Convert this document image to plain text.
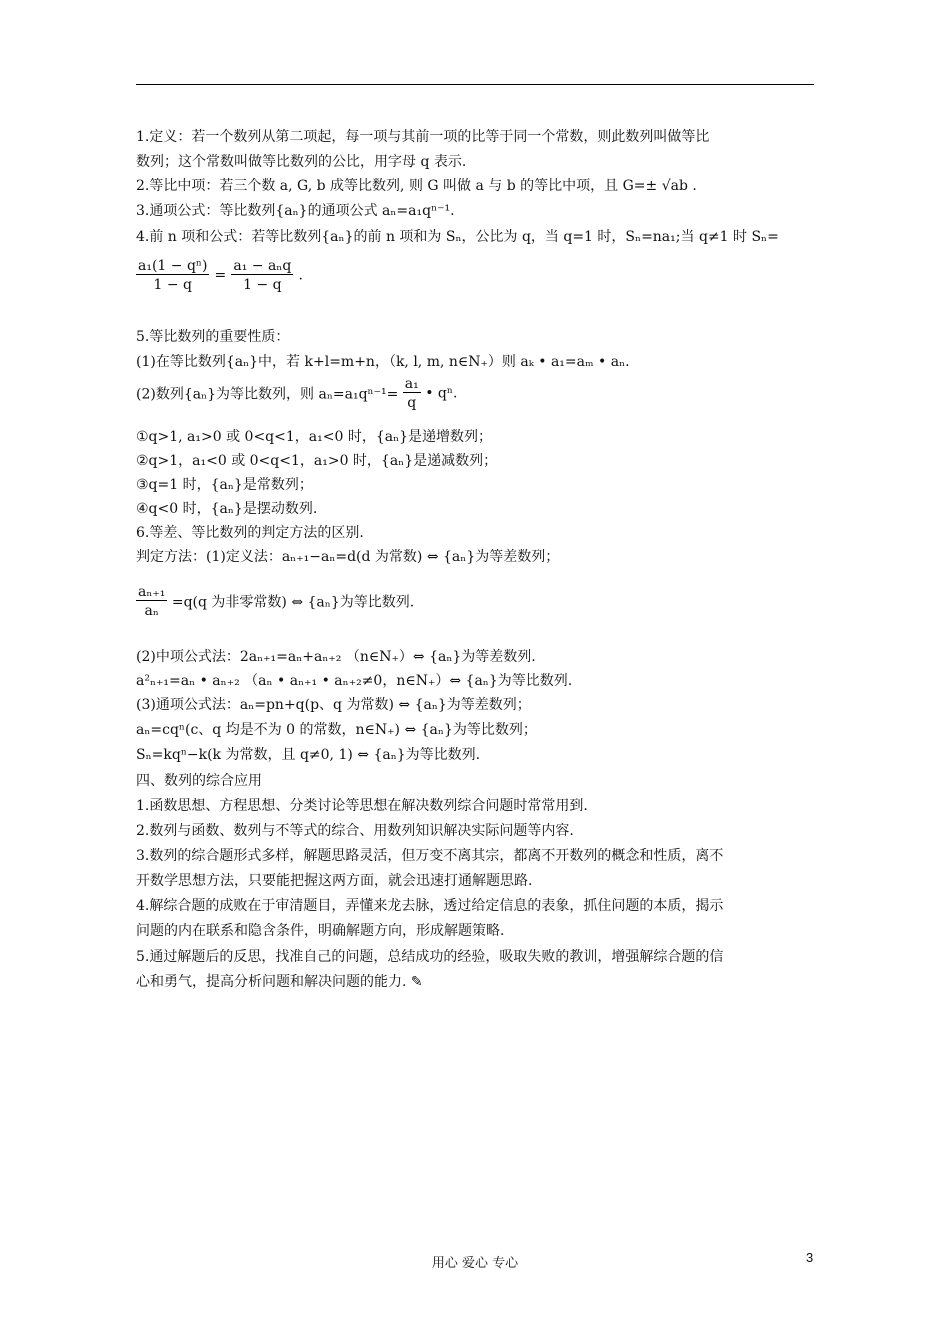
1.定义：若一个数列从第二项起，每一项与其前一项的比等于同一个常数，则此数列叫做等比
数列；这个常数叫做等比数列的公比，用字母 q 表示.
2.等比中项：若三个数 a, G, b 成等比数列, 则 G 叫做 a 与 b 的等比中项，且 G=± √ab .
3.通项公式：等比数列{aₙ}的通项公式 aₙ=a₁qⁿ⁻¹.
4.前 n 项和公式：若等比数列{aₙ}的前 n 项和为 Sₙ，公比为 q，当 q=1 时，Sₙ=na₁;当 q≠1 时 Sₙ=
$\frac{\text{a₁(1 − qⁿ)}}{1 - q} = \frac{\text{a₁ − aₙq}}{1 - q}$ .
5.等比数列的重要性质：
(1)在等比数列{aₙ}中，若 k+l=m+n，（k, l, m, n∈N₊）则 aₖ • a₁=aₘ • aₙ.
(2)数列{aₙ}为等比数列，则 $a_n=a_1q^{n-1}= \frac{\text{a₁}}{q}$ • qⁿ.
①q>1, a₁>0 或 0<q<1，a₁<0 时，{aₙ}是递增数列；
②q>1，a₁<0 或 0<q<1，a₁>0 时，{aₙ}是递减数列；
③q=1 时，{aₙ}是常数列；
④q<0 时，{aₙ}是摆动数列.
6.等差、等比数列的判定方法的区别.
判定方法：(1)定义法：aₙ₊₁−aₙ=d(d 为常数) ⇔ {aₙ}为等差数列；
$\frac{\text{aₙ₊₁}}{\text{aₙ}} =q(q$ 为非零常数) ⇔ {aₙ}为等比数列.
(2)中项公式法：2aₙ₊₁=aₙ+aₙ₊₂ （n∈N₊）⇔ {aₙ}为等差数列.
a²ₙ₊₁=aₙ • aₙ₊₂ （aₙ • aₙ₊₁ • aₙ₊₂≠0，n∈N₊）⇔ {aₙ}为等比数列.
(3)通项公式法：aₙ=pn+q(p、q 为常数) ⇔ {aₙ}为等差数列；
aₙ=cqⁿ(c、q 均是不为 0 的常数，n∈N₊) ⇔ {aₙ}为等比数列；
Sₙ=kqⁿ−k(k 为常数，且 q≠0, 1) ⇔ {aₙ}为等比数列.
四、数列的综合应用
1.函数思想、方程思想、分类讨论等思想在解决数列综合问题时常常用到.
2.数列与函数、数列与不等式的综合、用数列知识解决实际问题等内容.
3.数列的综合题形式多样，解题思路灵活，但万变不离其宗，都离不开数列的概念和性质，离不
开数学思想方法，只要能把握这两方面，就会迅速打通解题思路.
4.解综合题的成败在于审清题目，弄懂来龙去脉，透过给定信息的表象，抓住问题的本质，揭示
问题的内在联系和隐含条件，明确解题方向，形成解题策略.
5.通过解题后的反思，找准自己的问题，总结成功的经验，吸取失败的教训，增强解综合题的信
心和勇气，提高分析问题和解决问题的能力. ✎
用心 爱心 专心	3
